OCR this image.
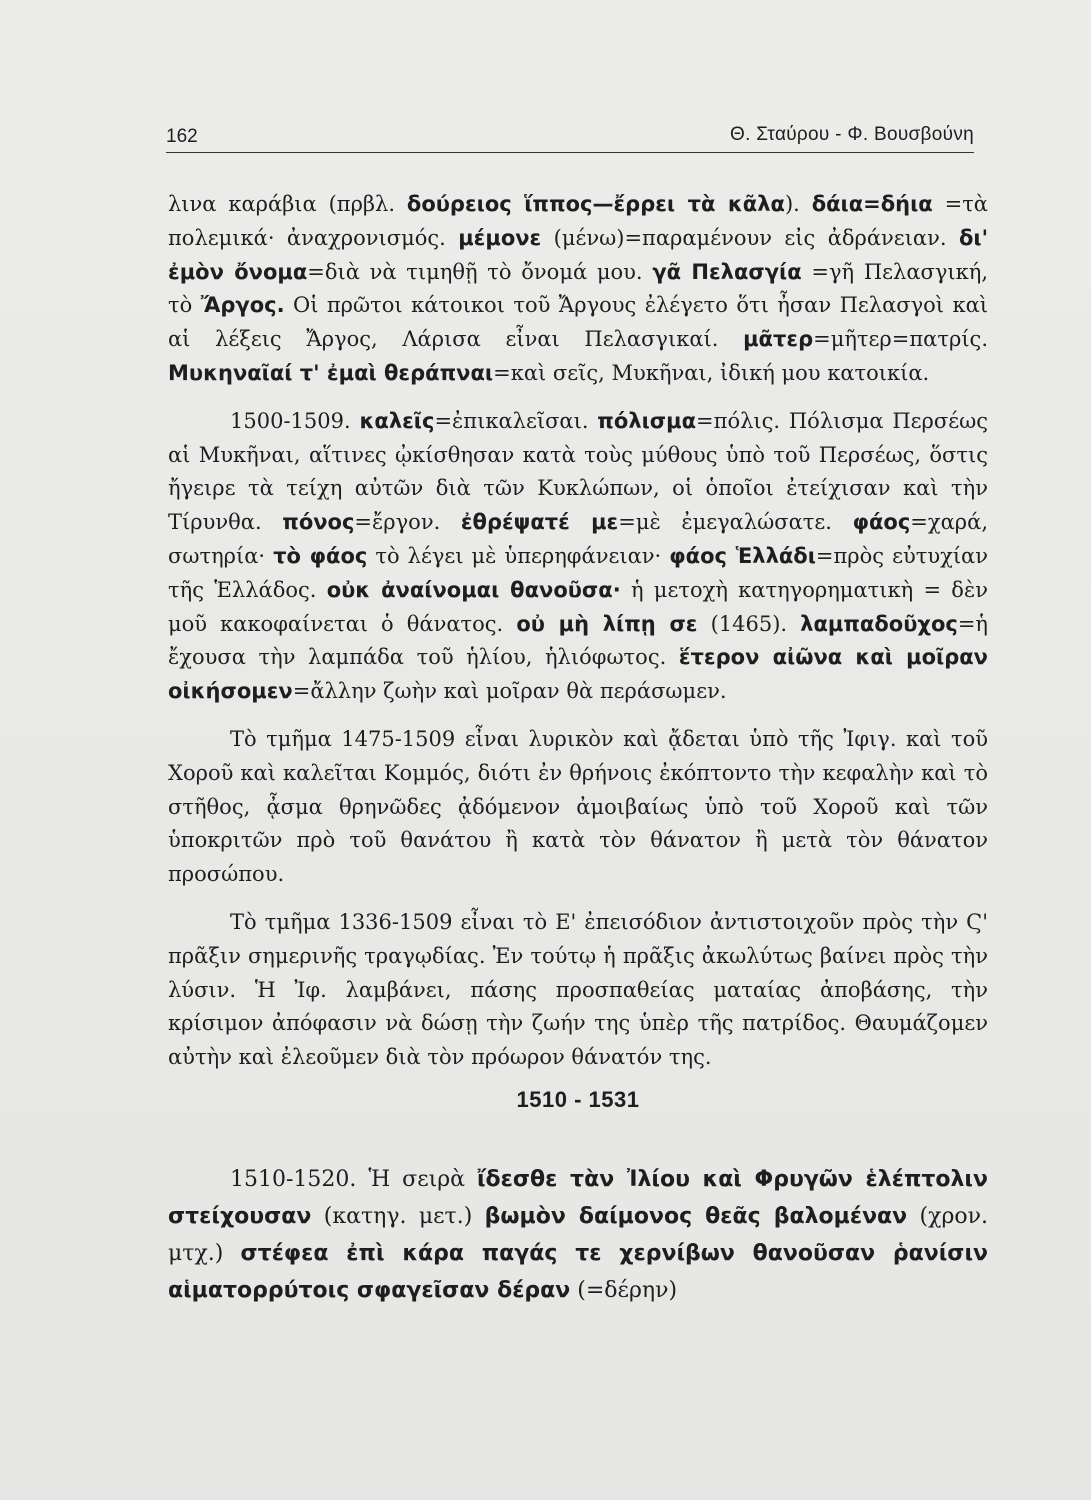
162	Θ. Σταύρου - Φ. Βουσβούνη

λινα καράβια (πρβλ. δούρειος ἵππος—ἔρρει τὰ κᾶλα). δάια=δήια =τὰ πολεμικά· ἀναχρονισμός. μέμονε (μένω)=παραμένουν εἰς ἀδράνειαν. δι' ἐμὸν ὄνομα=διὰ νὰ τιμηθῇ τὸ ὄνομά μου. γᾶ Πελασγία =γῆ Πελασγική, τὸ Ἄργος. Οἱ πρῶτοι κάτοικοι τοῦ Ἄργους ἐλέγετο ὅτι ἦσαν Πελασγοὶ καὶ αἱ λέξεις Ἄργος, Λάρισα εἶναι Πελασγικαί. μᾶτερ=μῆτερ=πατρίς. Μυκηναῖαί τ' ἐμαὶ θεράπναι=καὶ σεῖς, Μυκῆναι, ἰδική μου κατοικία.

1500-1509. καλεῖς=ἐπικαλεῖσαι. πόλισμα=πόλις. Πόλισμα Περσέως αἱ Μυκῆναι, αἵτινες ᾠκίσθησαν κατὰ τοὺς μύθους ὑπὸ τοῦ Περσέως, ὅστις ἤγειρε τὰ τείχη αὐτῶν διὰ τῶν Κυκλώπων, οἱ ὁποῖοι ἐτείχισαν καὶ τὴν Τίρυνθα. πόνος=ἔργον. ἐθρέψατέ με=μὲ ἐμεγαλώσατε. φάος=χαρά, σωτηρία· τὸ φάος τὸ λέγει μὲ ὑπερηφάνειαν· φάος Ἑλλάδι=πρὸς εὐτυχίαν τῆς Ἑλλάδος. οὐκ ἀναίνομαι θανοῦσα· ἡ μετοχὴ κατηγορηματικὴ = δὲν μοῦ κακοφαίνεται ὁ θάνατος. οὐ μὴ λίπῃ σε (1465). λαμπαδοῦχος=ἡ ἔχουσα τὴν λαμπάδα τοῦ ἡλίου, ἡλιόφωτος. ἕτερον αἰῶνα καὶ μοῖραν οἰκήσομεν=ἄλλην ζωὴν καὶ μοῖραν θὰ περάσωμεν.

Τὸ τμῆμα 1475-1509 εἶναι λυρικὸν καὶ ᾄδεται ὑπὸ τῆς Ἰφιγ. καὶ τοῦ Χοροῦ καὶ καλεῖται Κομμός, διότι ἐν θρήνοις ἐκόπτοντο τὴν κεφαλὴν καὶ τὸ στῆθος, ᾆσμα θρηνῶδες ᾀδόμενον ἀμοιβαίως ὑπὸ τοῦ Χοροῦ καὶ τῶν ὑποκριτῶν πρὸ τοῦ θανάτου ἢ κατὰ τὸν θάνατον ἢ μετὰ τὸν θάνατον προσώπου.

Τὸ τμῆμα 1336-1509 εἶναι τὸ Ε' ἐπεισόδιον ἀντιστοιχοῦν πρὸς τὴν Ϛ' πρᾶξιν σημερινῆς τραγῳδίας. Ἐν τούτῳ ἡ πρᾶξις ἀκωλύτως βαίνει πρὸς τὴν λύσιν. Ἡ Ἰφ. λαμβάνει, πάσης προσπαθείας ματαίας ἀποβάσης, τὴν κρίσιμον ἀπόφασιν νὰ δώσῃ τὴν ζωήν της ὑπὲρ τῆς πατρίδος. Θαυμάζομεν αὐτὴν καὶ ἐλεοῦμεν διὰ τὸν πρόωρον θάνατόν της.

1510 - 1531

1510-1520. Ἡ σειρὰ ἴδεσθε τὰν Ἰλίου καὶ Φρυγῶν ἑλέπτολιν στείχουσαν (κατηγ. μετ.) βωμὸν δαίμονος θεᾶς βαλομέναν (χρον. μτχ.) στέφεα ἐπὶ κάρα παγάς τε χερνίβων θανοῦσαν ῥανίσιν αἱματορρύτοις σφαγεῖσαν δέραν (=δέρην)
